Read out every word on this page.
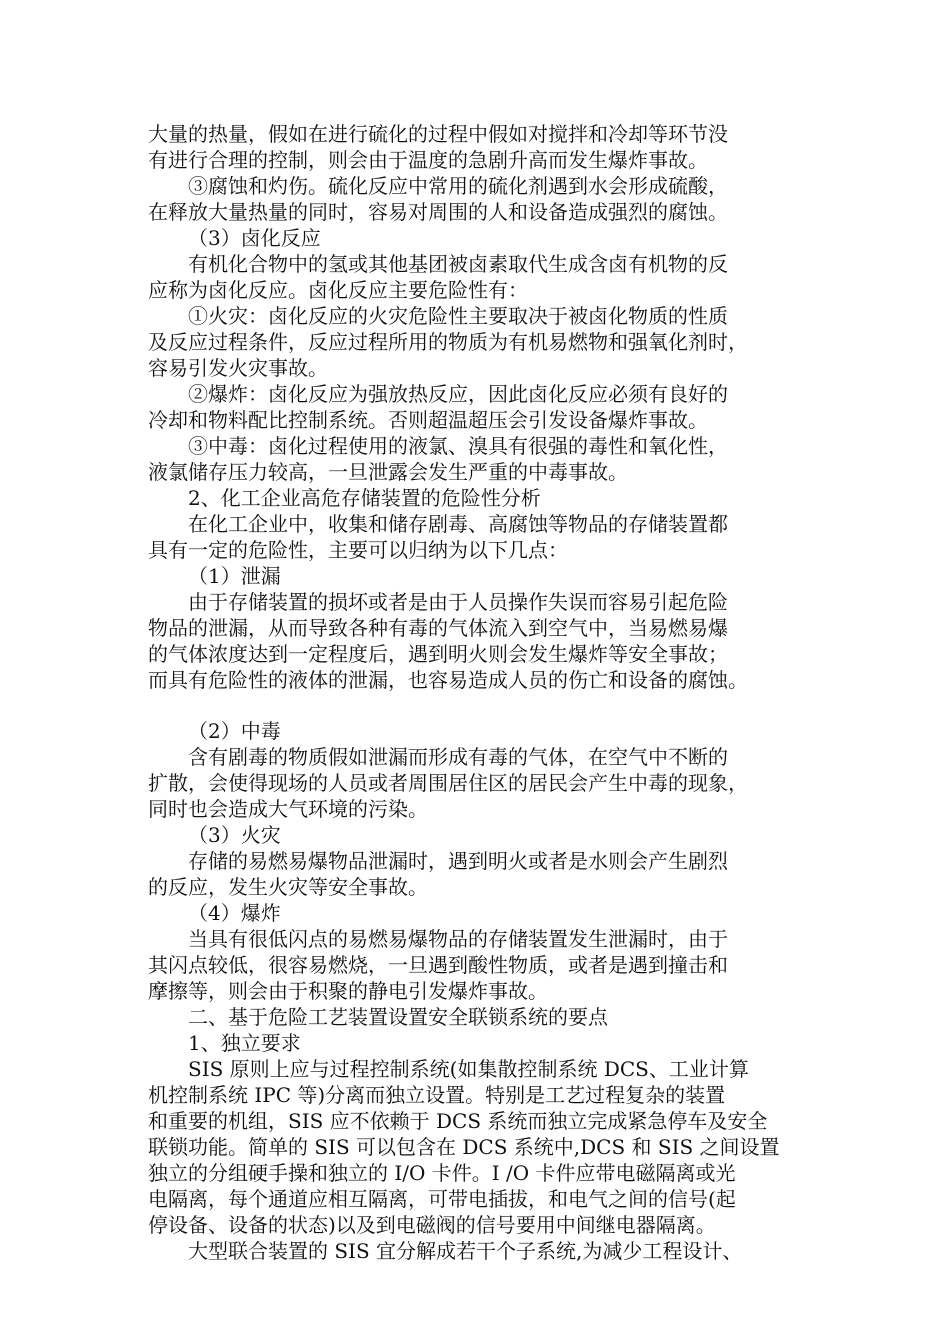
大量的热量，假如在进行硫化的过程中假如对搅拌和冷却等环节没
有进行合理的控制，则会由于温度的急剧升高而发生爆炸事故。
③腐蚀和灼伤。硫化反应中常用的硫化剂遇到水会形成硫酸，
在释放大量热量的同时，容易对周围的人和设备造成强烈的腐蚀。
（3）卤化反应
有机化合物中的氢或其他基团被卤素取代生成含卤有机物的反
应称为卤化反应。卤化反应主要危险性有：
①火灾：卤化反应的火灾危险性主要取决于被卤化物质的性质
及反应过程条件，反应过程所用的物质为有机易燃物和强氧化剂时，
容易引发火灾事故。
②爆炸：卤化反应为强放热反应，因此卤化反应必须有良好的
冷却和物料配比控制系统。否则超温超压会引发设备爆炸事故。
③中毒：卤化过程使用的液氯、溴具有很强的毒性和氧化性，
液氯储存压力较高，一旦泄露会发生严重的中毒事故。
2、化工企业高危存储装置的危险性分析
在化工企业中，收集和储存剧毒、高腐蚀等物品的存储装置都
具有一定的危险性，主要可以归纳为以下几点：
（1）泄漏
由于存储装置的损坏或者是由于人员操作失误而容易引起危险
物品的泄漏，从而导致各种有毒的气体流入到空气中，当易燃易爆
的气体浓度达到一定程度后，遇到明火则会发生爆炸等安全事故；
而具有危险性的液体的泄漏，也容易造成人员的伤亡和设备的腐蚀。
（2）中毒
含有剧毒的物质假如泄漏而形成有毒的气体，在空气中不断的
扩散，会使得现场的人员或者周围居住区的居民会产生中毒的现象，
同时也会造成大气环境的污染。
（3）火灾
存储的易燃易爆物品泄漏时，遇到明火或者是水则会产生剧烈
的反应，发生火灾等安全事故。
（4）爆炸
当具有很低闪点的易燃易爆物品的存储装置发生泄漏时，由于
其闪点较低，很容易燃烧，一旦遇到酸性物质，或者是遇到撞击和
摩擦等，则会由于积聚的静电引发爆炸事故。
二、基于危险工艺装置设置安全联锁系统的要点
1、独立要求
SIS 原则上应与过程控制系统(如集散控制系统 DCS、工业计算
机控制系统 IPC 等)分离而独立设置。特别是工艺过程复杂的装置
和重要的机组，SIS 应不依赖于 DCS 系统而独立完成紧急停车及安全
联锁功能。简单的 SIS 可以包含在 DCS 系统中,DCS 和 SIS 之间设置
独立的分组硬手操和独立的 I/O 卡件。I /O 卡件应带电磁隔离或光
电隔离，每个通道应相互隔离，可带电插拔，和电气之间的信号(起
停设备、设备的状态)以及到电磁阀的信号要用中间继电器隔离。
大型联合装置的 SIS 宜分解成若干个子系统,为减少工程设计、
